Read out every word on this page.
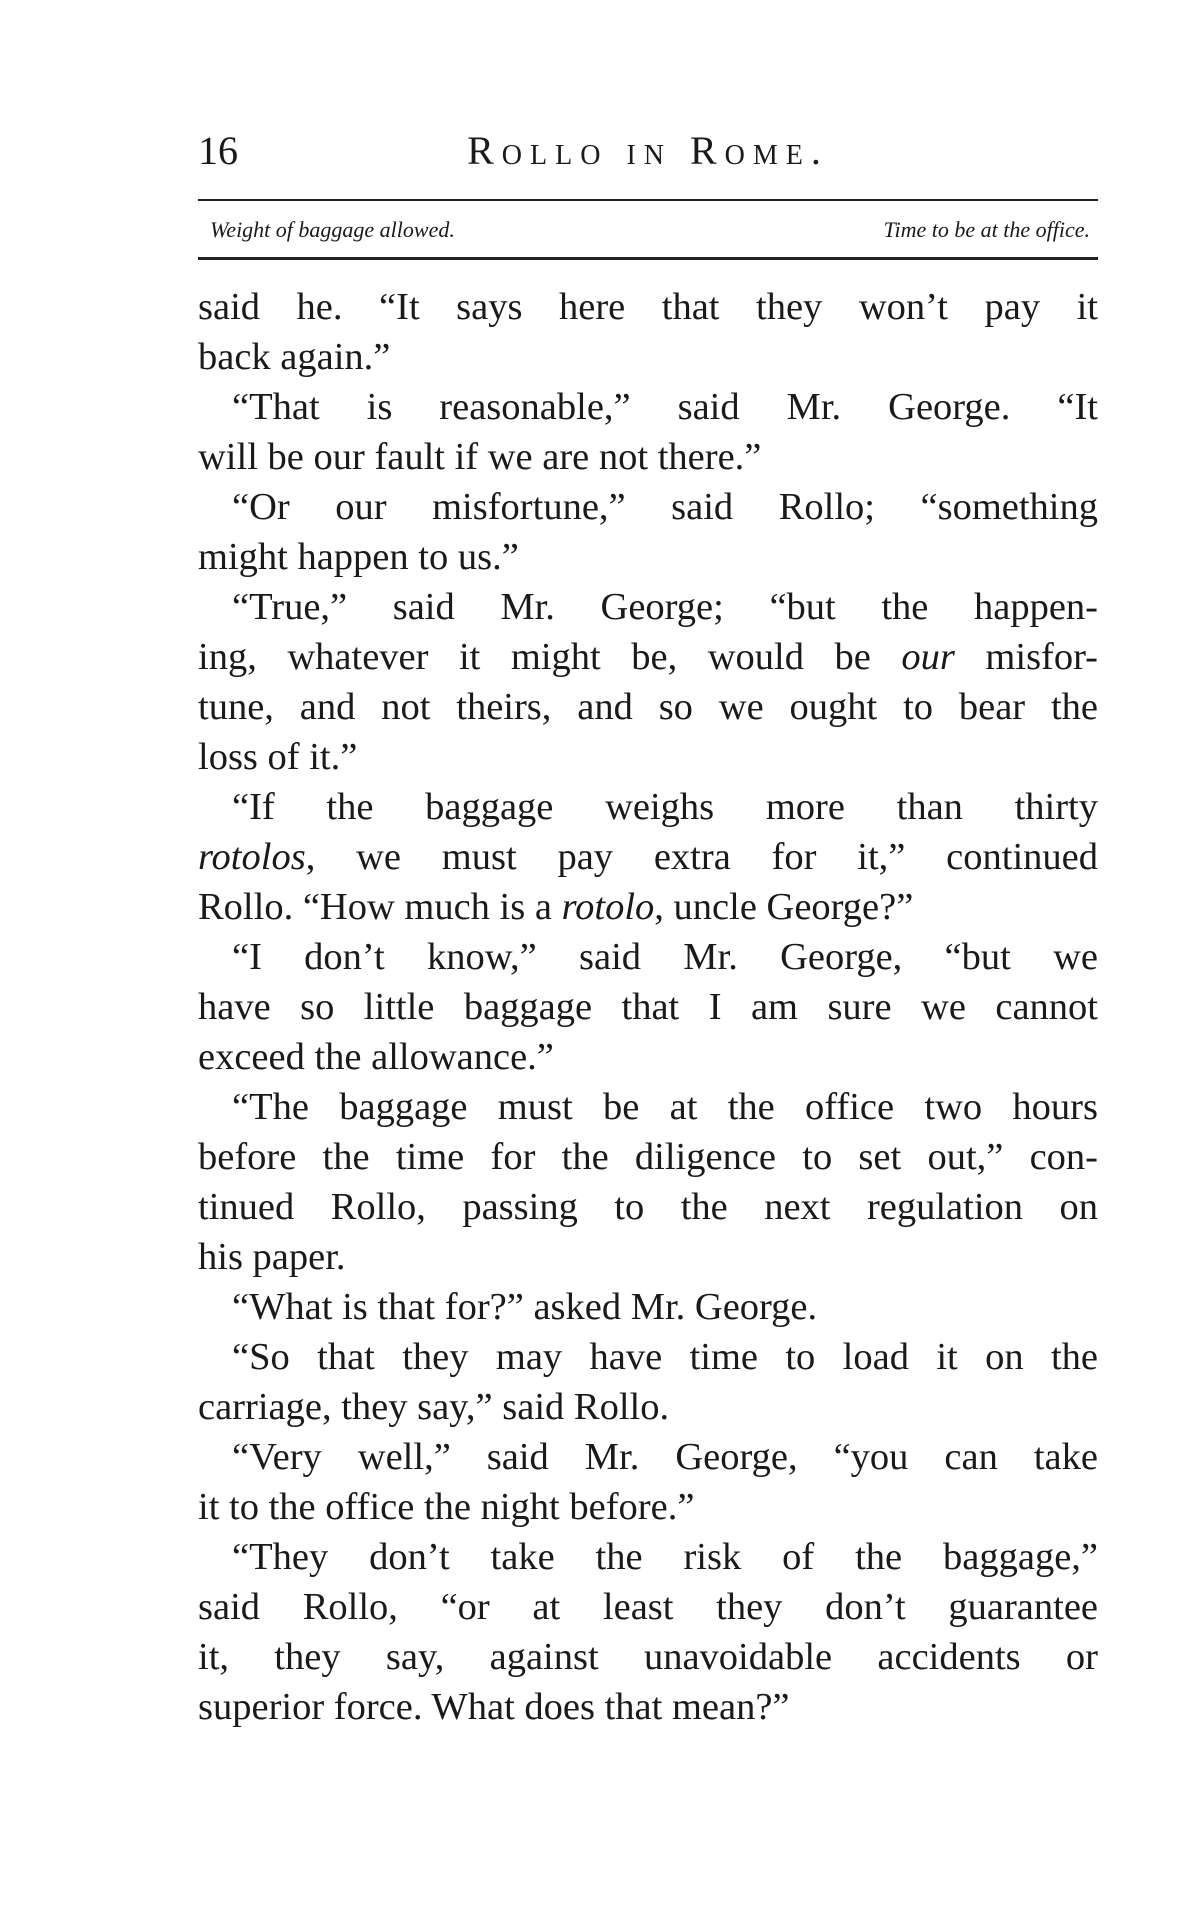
16	Rollo in Rome.
Weight of baggage allowed.	Time to be at the office.
said he. “It says here that they won’t pay it
back again.”
“That is reasonable,” said Mr. George. “It
will be our fault if we are not there.”
“Or our misfortune,” said Rollo; “something
might happen to us.”
“True,” said Mr. George; “but the happen-
ing, whatever it might be, would be our misfor-
tune, and not theirs, and so we ought to bear the
loss of it.”
“If the baggage weighs more than thirty
rotolos, we must pay extra for it,” continued
Rollo. “How much is a rotolo, uncle George?”
“I don’t know,” said Mr. George, “but we
have so little baggage that I am sure we cannot
exceed the allowance.”
“The baggage must be at the office two hours
before the time for the diligence to set out,” con-
tinued Rollo, passing to the next regulation on
his paper.
“What is that for?” asked Mr. George.
“So that they may have time to load it on the
carriage, they say,” said Rollo.
“Very well,” said Mr. George, “you can take
it to the office the night before.”
“They don’t take the risk of the baggage,”
said Rollo, “or at least they don’t guarantee
it, they say, against unavoidable accidents or
superior force. What does that mean?”
